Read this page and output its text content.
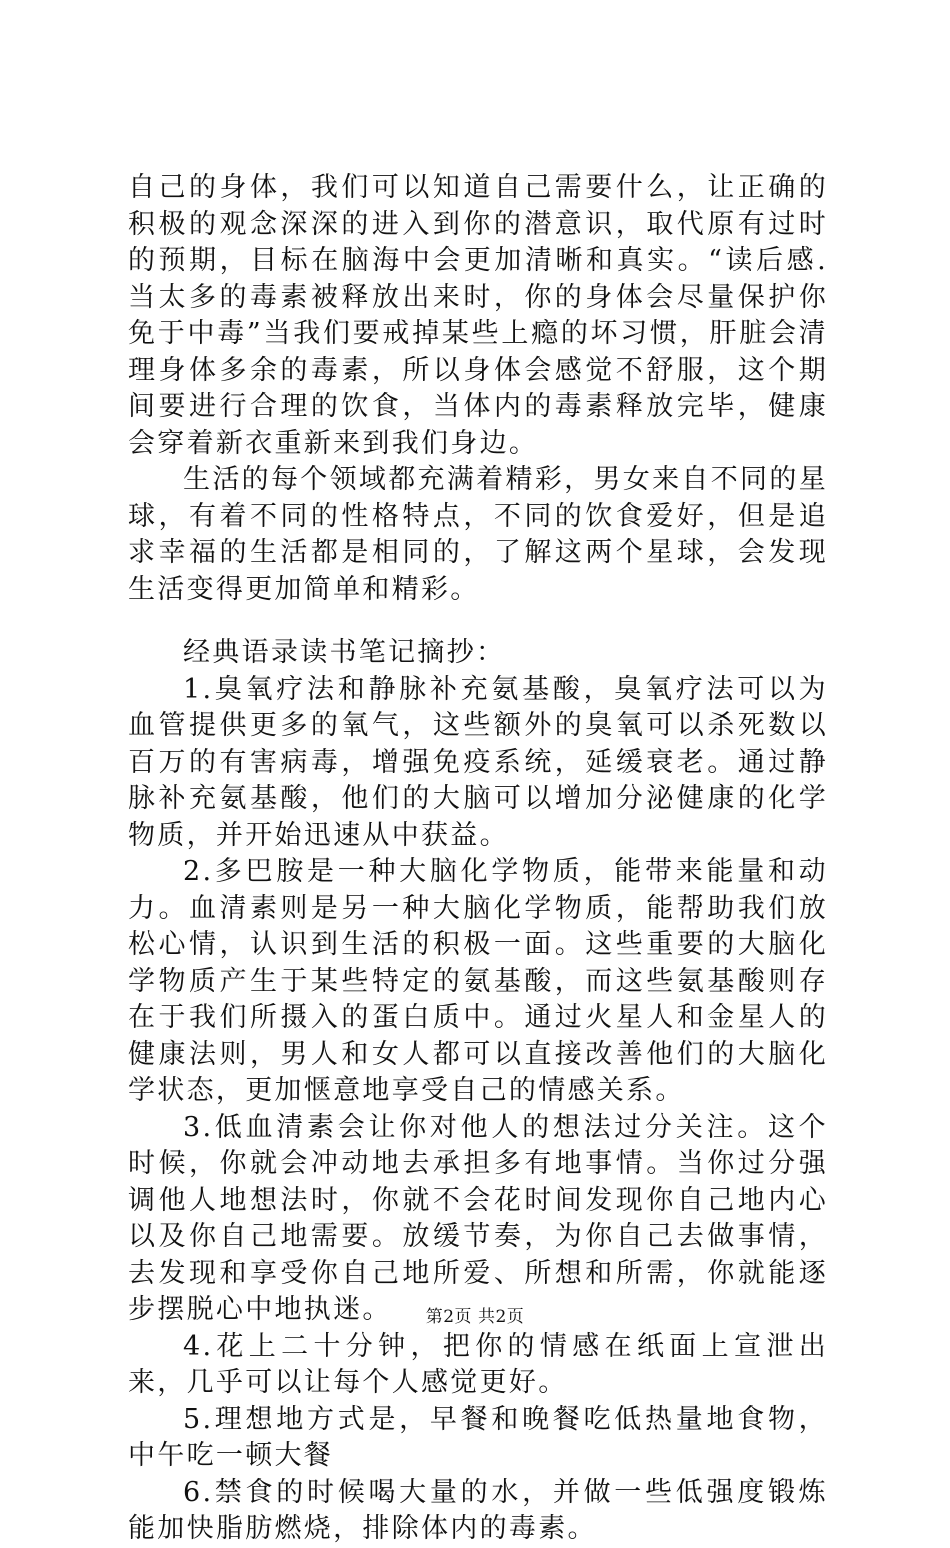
自己的身体，我们可以知道自己需要什么，让正确的积极的观念深深的进入到你的潜意识，取代原有过时的预期，目标在脑海中会更加清晰和真实。“读后感.当太多的毒素被释放出来时，你的身体会尽量保护你免于中毒”当我们要戒掉某些上瘾的坏习惯，肝脏会清理身体多余的毒素，所以身体会感觉不舒服，这个期间要进行合理的饮食，当体内的毒素释放完毕，健康会穿着新衣重新来到我们身边。

生活的每个领域都充满着精彩，男女来自不同的星球，有着不同的性格特点，不同的饮食爱好，但是追求幸福的生活都是相同的，了解这两个星球，会发现生活变得更加简单和精彩。

经典语录读书笔记摘抄：

1.臭氧疗法和静脉补充氨基酸，臭氧疗法可以为血管提供更多的氧气，这些额外的臭氧可以杀死数以百万的有害病毒，增强免疫系统，延缓衰老。通过静脉补充氨基酸，他们的大脑可以增加分泌健康的化学物质，并开始迅速从中获益。

2.多巴胺是一种大脑化学物质，能带来能量和动力。血清素则是另一种大脑化学物质，能帮助我们放松心情，认识到生活的积极一面。这些重要的大脑化学物质产生于某些特定的氨基酸，而这些氨基酸则存在于我们所摄入的蛋白质中。通过火星人和金星人的健康法则，男人和女人都可以直接改善他们的大脑化学状态，更加惬意地享受自己的情感关系。

3.低血清素会让你对他人的想法过分关注。这个时候，你就会冲动地去承担多有地事情。当你过分强调他人地想法时，你就不会花时间发现你自己地内心以及你自己地需要。放缓节奏，为你自己去做事情，去发现和享受你自己地所爱、所想和所需，你就能逐步摆脱心中地执迷。

4.花上二十分钟，把你的情感在纸面上宣泄出来，几乎可以让每个人感觉更好。

5.理想地方式是，早餐和晚餐吃低热量地食物，中午吃一顿大餐

6.禁食的时候喝大量的水，并做一些低强度锻炼能加快脂肪燃烧，排除体内的毒素。

第2页 共2页
